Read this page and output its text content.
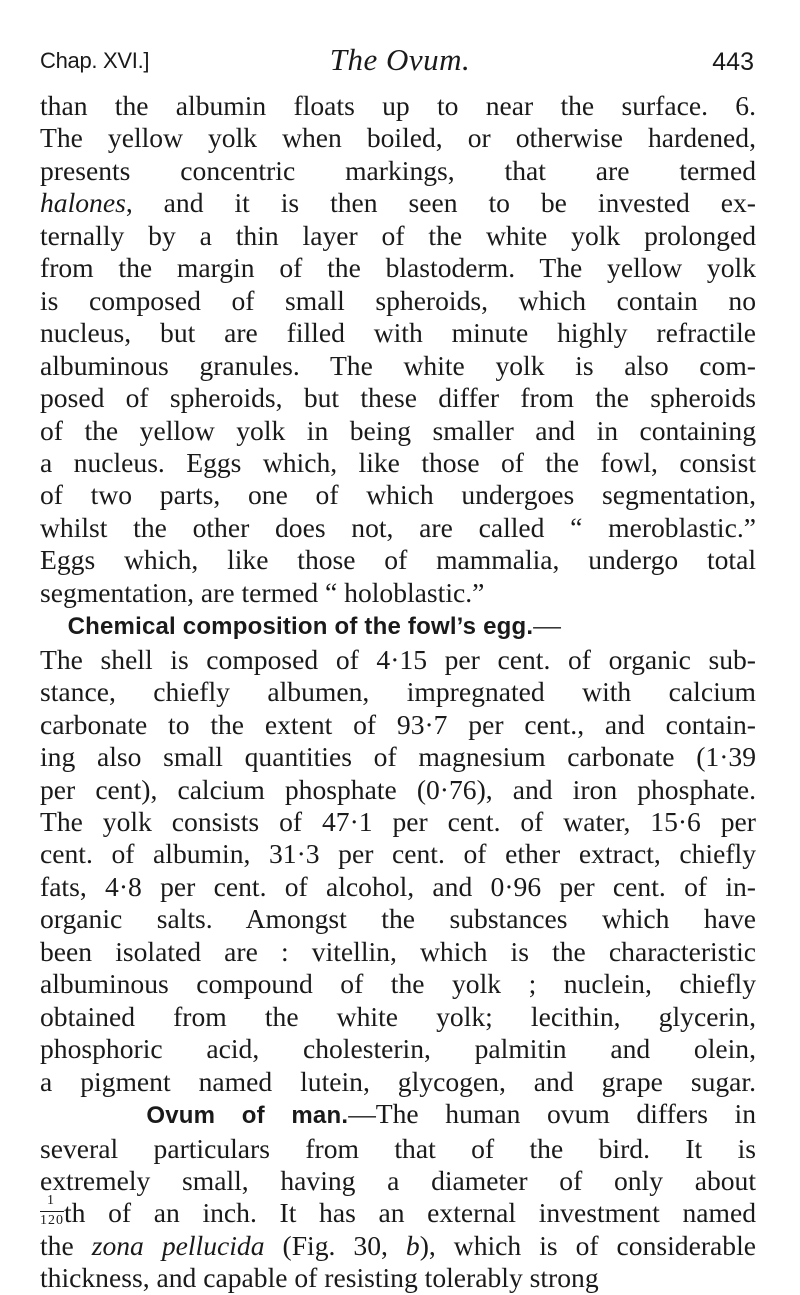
Chap. XVI.]	The Ovum.	443
than the albumin floats up to near the surface. 6.
The yellow yolk when boiled, or otherwise hardened,
presents concentric markings, that are termed
halones, and it is then seen to be invested ex-
ternally by a thin layer of the white yolk prolonged
from the margin of the blastoderm. The yellow yolk
is composed of small spheroids, which contain no
nucleus, but are filled with minute highly refractile
albuminous granules. The white yolk is also com-
posed of spheroids, but these differ from the spheroids
of the yellow yolk in being smaller and in containing
a nucleus. Eggs which, like those of the fowl, consist
of two parts, one of which undergoes segmentation,
whilst the other does not, are called “ meroblastic.”
Eggs which, like those of mammalia, undergo total
segmentation, are termed “ holoblastic.”
Chemical composition of the fowl’s egg.—
The shell is composed of 4·15 per cent. of organic sub-
stance, chiefly albumen, impregnated with calcium
carbonate to the extent of 93·7 per cent., and contain-
ing also small quantities of magnesium carbonate (1·39
per cent), calcium phosphate (0·76), and iron phosphate.
The yolk consists of 47·1 per cent. of water, 15·6 per
cent. of albumin, 31·3 per cent. of ether extract, chiefly
fats, 4·8 per cent. of alcohol, and 0·96 per cent. of in-
organic salts. Amongst the substances which have
been isolated are : vitellin, which is the characteristic
albuminous compound of the yolk ; nuclein, chiefly
obtained from the white yolk; lecithin, glycerin,
phosphoric acid, cholesterin, palmitin and olein,
a pigment named lutein, glycogen, and grape sugar.
Ovum of man.—The human ovum differs in
several particulars from that of the bird. It is
extremely small, having a diameter of only about
$\frac{1}{120}$ th of an inch. It has an external investment named
the zona pellucida (Fig. 30, b), which is of considerable
thickness, and capable of resisting tolerably strong
